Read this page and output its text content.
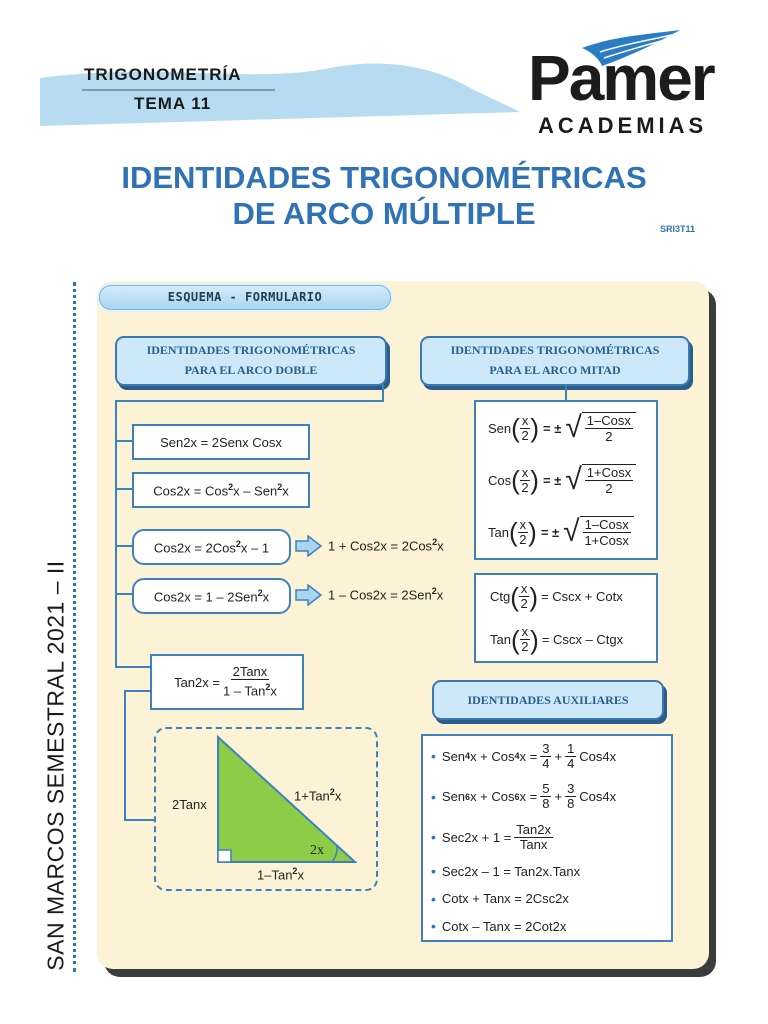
TRIGONOMETRÍA
TEMA 11	Pamer
ACADEMIAS
IDENTIDADES TRIGONOMÉTRICAS
DE ARCO MÚLTIPLE	SRI3T11
SAN MARCOS SEMESTRAL 2021 – II
ESQUEMA - FORMULARIO
IDENTIDADES TRIGONOMÉTRICAS
PARA EL ARCO DOBLE
Sen2x = 2Senx Cosx
Cos2x = Cos$^2$x – Sen$^2$x
Cos2x = 2Cos$^2$x – 1
Cos2x = 1 – 2Sen$^2$x
1 + Cos2x = 2Cos$^2$x
1 – Cos2x = 2Sen$^2$x
Tan2x =
2Tanx
1 – Tan$^2$x
2Tanx
1+Tan$^2$x
1–Tan$^2$x
2x
IDENTIDADES TRIGONOMÉTRICAS
PARA EL ARCO MITAD
Sen ( x
2 ) = ± √ 1–Cosx
2
Cos ( x
2 ) = ± √ 1+Cosx
2
Tan ( x
2 ) = ± √ 1–Cosx
1+Cosx
Ctg ( x
2 ) = Cscx + Cotx
Tan ( x
2 ) = Cscx – Ctgx
IDENTIDADES AUXILIARES
• Sen 4 x + Cos 4 $x = \frac{3}{4} + \frac{1}{4} Cos4x$
• Sen 6 x + Cos 6 $x = \frac{5}{8} + \frac{3}{8} Cos4x$
• Sec2x + 1 =
Tan2x
Tanx
• Sec2x – 1 = Tan2x.Tanx
• Cotx + Tanx = 2Csc2x
• Cotx – Tanx = 2Cot2x
